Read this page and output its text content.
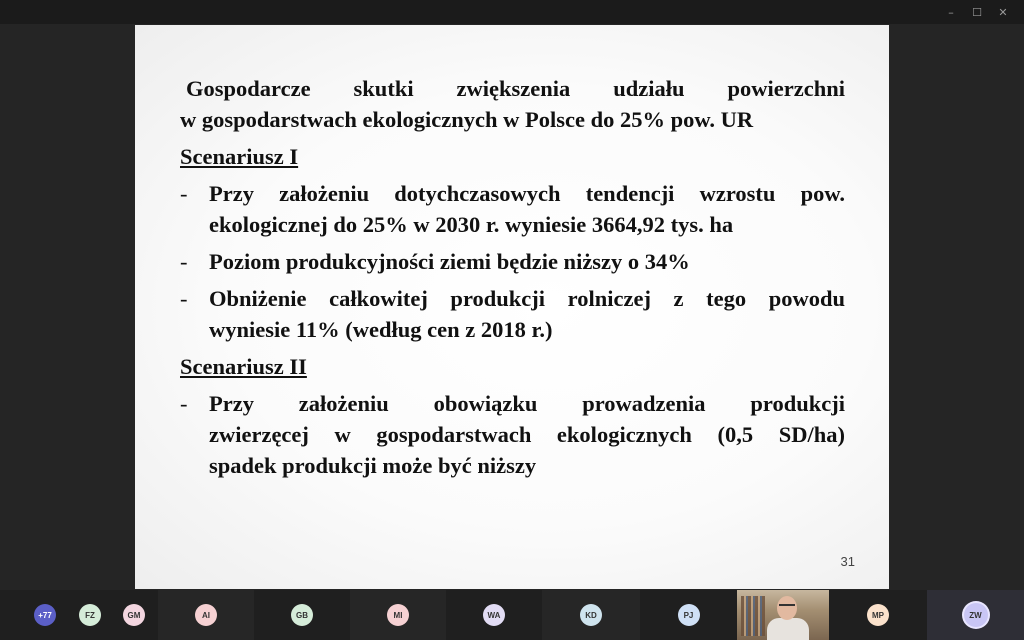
–	☐	✕
Gospodarcze skutki zwiększenia udziału powierzchni
w gospodarstwach ekologicznych w Polsce do 25% pow. UR
Scenariusz I
- Przy założeniu dotychczasowych tendencji wzrostu pow.
ekologicznej do 25% w 2030 r. wyniesie 3664,92 tys. ha
- Poziom produkcyjności ziemi będzie niższy o 34%
- Obniżenie całkowitej produkcji rolniczej z tego powodu
wyniesie 11% (według cen z 2018 r.)
Scenariusz II
- Przy założeniu obowiązku prowadzenia produkcji
zwierzęcej w gospodarstwach ekologicznych (0,5 SD/ha)
spadek produkcji może być niższy
31
+77	FZ	GM	AI	GB	MI	WA	KD	PJ	MP	ZW
